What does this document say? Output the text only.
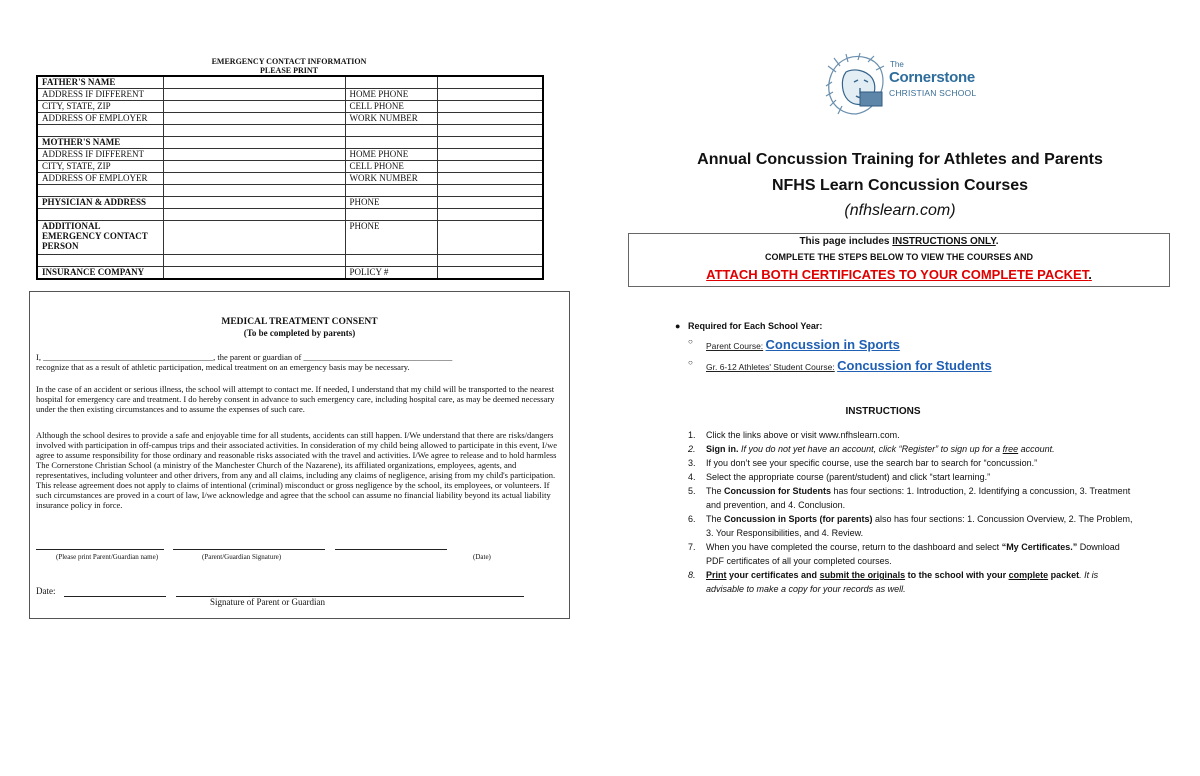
EMERGENCY CONTACT INFORMATION
PLEASE PRINT
FATHER'S NAME			
ADDRESS IF DIFFERENT		HOME PHONE	
CITY, STATE, ZIP		CELL PHONE	
ADDRESS OF EMPLOYER		WORK NUMBER	

MOTHER'S NAME			
ADDRESS IF DIFFERENT		HOME PHONE	
CITY, STATE, ZIP		CELL PHONE	
ADDRESS OF EMPLOYER		WORK NUMBER	

PHYSICIAN & ADDRESS		PHONE	

ADDITIONAL EMERGENCY CONTACT PERSON		PHONE	

INSURANCE COMPANY		POLICY #	
MEDICAL TREATMENT CONSENT
(To be completed by parents)

I, ________________________________________, the parent or guardian of ___________________________________

recognize that as a result of athletic participation, medical treatment on an emergency basis may be necessary.

In the case of an accident or serious illness, the school will attempt to contact me. If needed, I understand that my child will be transported to the nearest hospital for emergency care and treatment. I do hereby consent in advance to such emergency care, including hospital care, as may be deemed necessary under the then existing circumstances and to assume the expenses of such care.

Although the school desires to provide a safe and enjoyable time for all students, accidents can still happen. I/We understand that there are risks/dangers involved with participation in off-campus trips and their associated activities. In consideration of my child being allowed to participate in this event, I/we agree to assume responsibility for those ordinary and reasonable risks associated with the travel and activities. I/We agree to release and to hold harmless The Cornerstone Christian School (a ministry of the Manchester Church of the Nazarene), its affiliated organizations, employees, agents, and representatives, including volunteer and other drivers, from any and all claims, including any claims of negligence, arising from my child's participation. This release agreement does not apply to claims of intentional (criminal) misconduct or gross negligence by the school, its employees, or volunteers. If such circumstances are proved in a court of law, I/we acknowledge and agree that the school can assume no financial liability beyond its actual liability insurance policy in force.

(Please print Parent/Guardian name)	(Parent/Guardian Signature)	(Date)
Date:
Signature of Parent or Guardian
The
Cornerstone
CHRISTIAN SCHOOL
Annual Concussion Training for Athletes and Parents
NFHS Learn Concussion Courses
(nfhslearn.com)
This page includes INSTRUCTIONS ONLY.
COMPLETE THE STEPS BELOW TO VIEW THE COURSES AND
ATTACH BOTH CERTIFICATES TO YOUR COMPLETE PACKET.
● Required for Each School Year:
○ Parent Course: Concussion in Sports
○ Gr. 6-12 Athletes' Student Course: Concussion for Students
INSTRUCTIONS
1. Click the links above or visit www.nfhslearn.com.
2. Sign in. If you do not yet have an account, click “Register” to sign up for a free account.
3. If you don’t see your specific course, use the search bar to search for “concussion.”
4. Select the appropriate course (parent/student) and click “start learning.”
5. The Concussion for Students has four sections: 1. Introduction, 2. Identifying a concussion, 3. Treatment and prevention, and 4. Conclusion.
6. The Concussion in Sports (for parents) also has four sections: 1. Concussion Overview, 2. The Problem, 3. Your Responsibilities, and 4. Review.
7. When you have completed the course, return to the dashboard and select “My Certificates.” Download PDF certificates of all your completed courses.
8. Print your certificates and submit the originals to the school with your complete packet. It is advisable to make a copy for your records as well.
